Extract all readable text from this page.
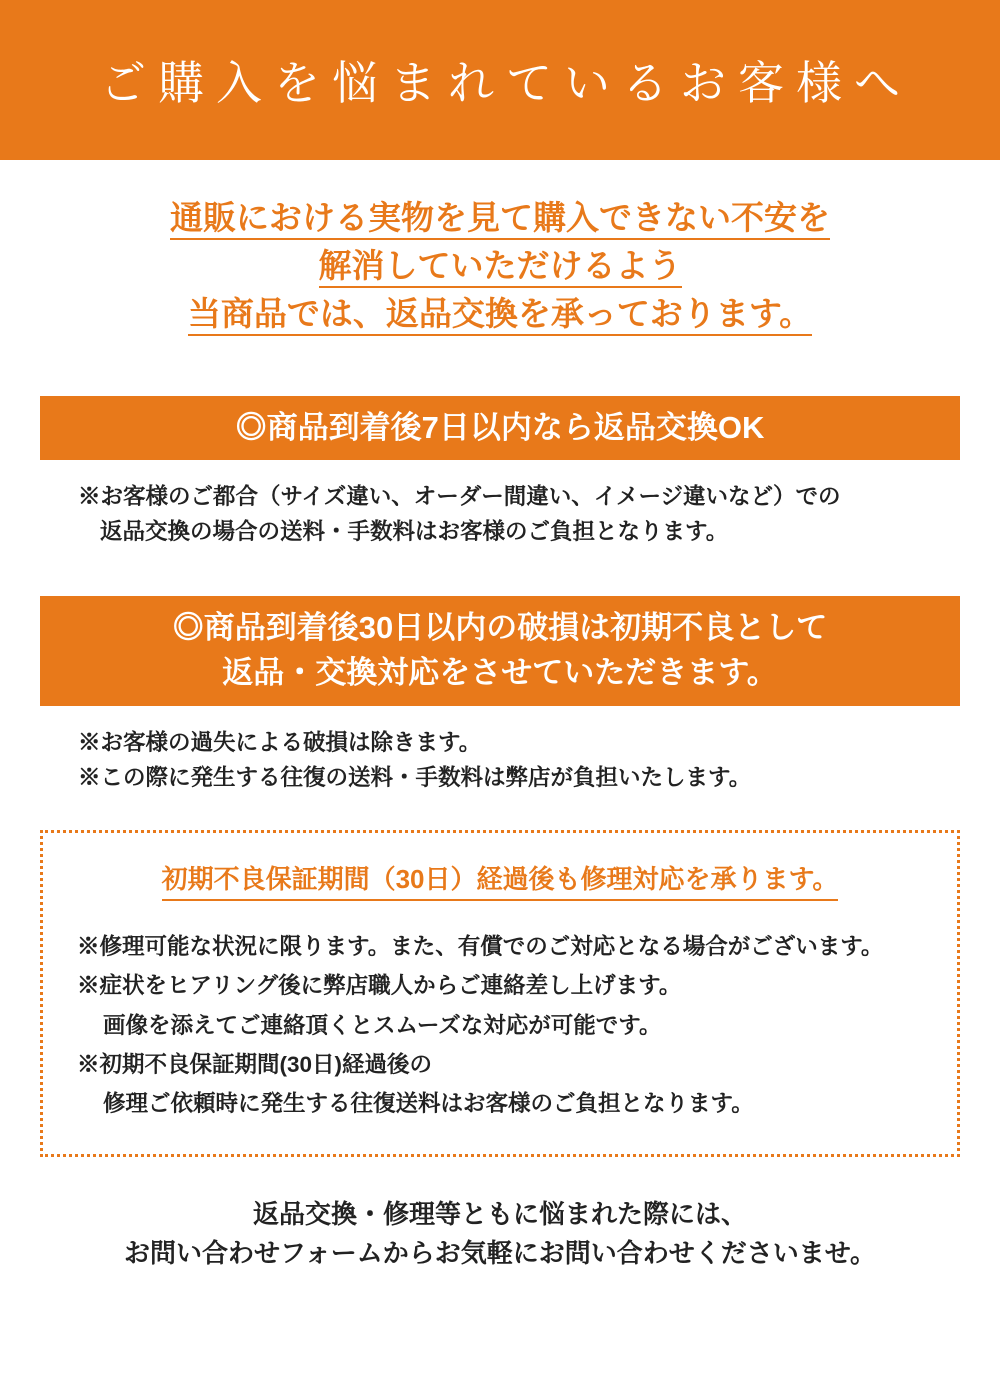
ご購入を悩まれているお客様へ
通販における実物を見て購入できない不安を
解消していただけるよう
当商品では、返品交換を承っております。
◎商品到着後7日以内なら返品交換OK
※お客様のご都合（サイズ違い、オーダー間違い、イメージ違いなど）での
返品交換の場合の送料・手数料はお客様のご負担となります。
◎商品到着後30日以内の破損は初期不良として
返品・交換対応をさせていただきます。
※お客様の過失による破損は除きます。
※この際に発生する往復の送料・手数料は弊店が負担いたします。
初期不良保証期間（30日）経過後も修理対応を承ります。
※修理可能な状況に限ります。また、有償でのご対応となる場合がございます。
※症状をヒアリング後に弊店職人からご連絡差し上げます。
画像を添えてご連絡頂くとスムーズな対応が可能です。
※初期不良保証期間(30日)経過後の
修理ご依頼時に発生する往復送料はお客様のご負担となります。
返品交換・修理等ともに悩まれた際には、
お問い合わせフォームからお気軽にお問い合わせくださいませ。
